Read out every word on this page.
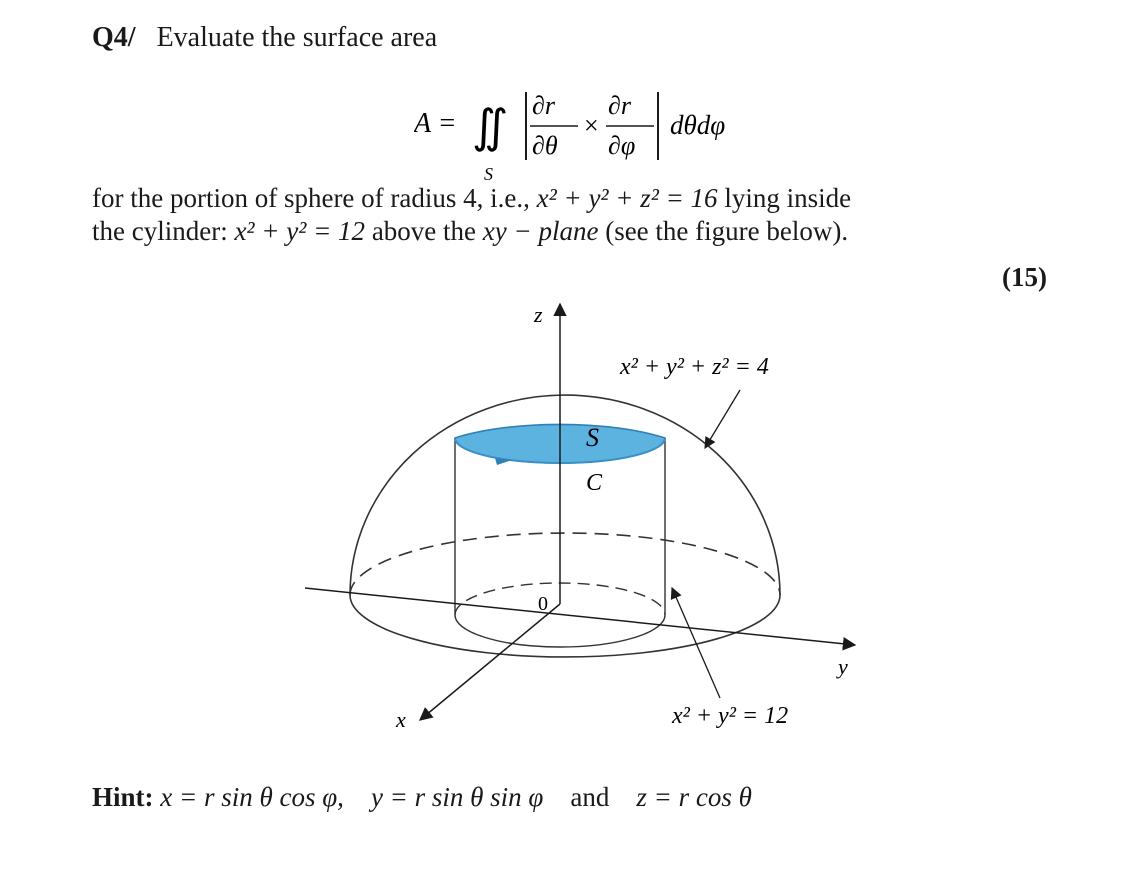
Q4/ Evaluate the surface area
A = ∬
S
∂r⃗
∂θ
×
∂r⃗
∂φ
dθdφ
for the portion of sphere of radius 4, i.e., x² + y² + z² = 16 lying inside
the cylinder: x² + y² = 12 above the xy − plane (see the figure below).
(15)
z
y
x
0
S
C
x² + y² + z² = 4
x² + y² = 12
Hint: x = r sin θ cos φ, y = r sin θ sin φ and z = r cos θ
